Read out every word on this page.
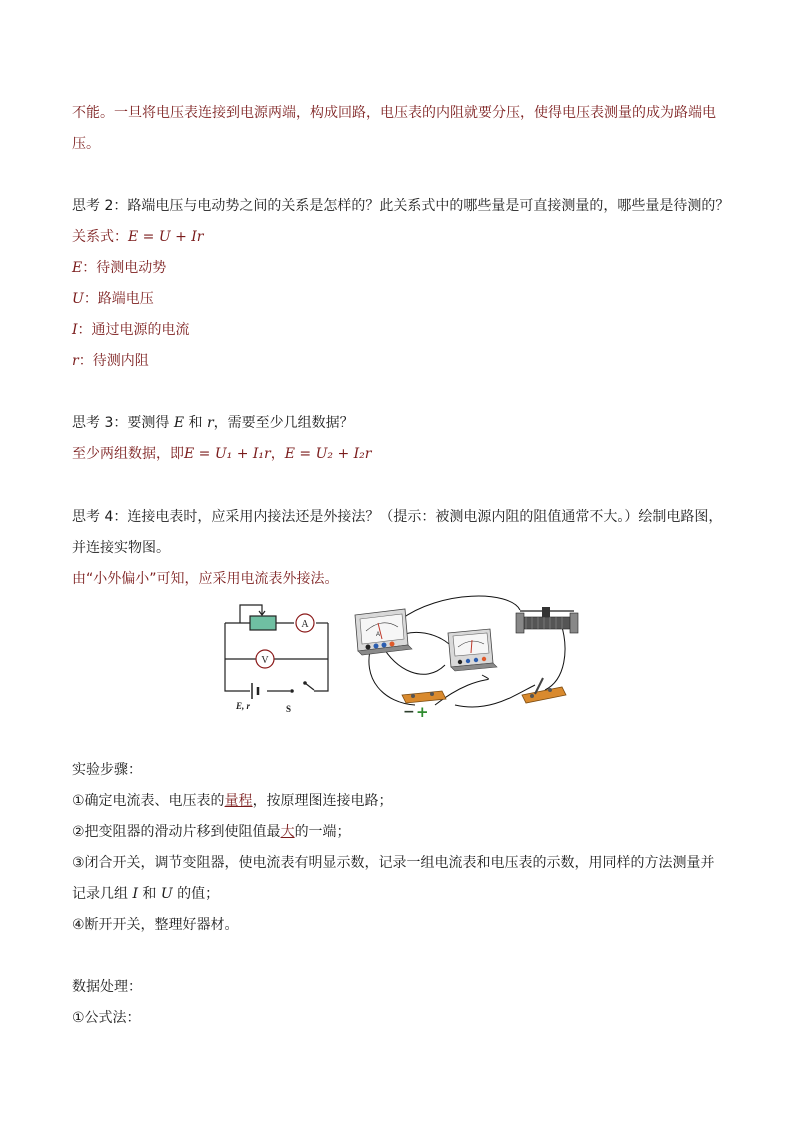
不能。一旦将电压表连接到电源两端，构成回路，电压表的内阻就要分压，使得电压表测量的成为路端电
压。
思考 2：路端电压与电动势之间的关系是怎样的？此关系式中的哪些量是可直接测量的，哪些量是待测的？
关系式：E = U + Ir
E：待测电动势
U：路端电压
I：通过电源的电流
r：待测内阻
思考 3：要测得 E 和 r，需要至少几组数据？
至少两组数据，即E = U₁ + I₁r，E = U₂ + I₂r
思考 4：连接电表时，应采用内接法还是外接法？（提示：被测电源内阻的阻值通常不大。）绘制电路图，
并连接实物图。
由“小外偏小”可知，应采用电流表外接法。
A
V
E, r	S
A
− +
实验步骤：
①确定电流表、电压表的量程，按原理图连接电路；
②把变阻器的滑动片移到使阻值最大的一端；
③闭合开关，调节变阻器，使电流表有明显示数，记录一组电流表和电压表的示数，用同样的方法测量并
记录几组 I 和 U 的值；
④断开开关，整理好器材。
数据处理：
①公式法：
